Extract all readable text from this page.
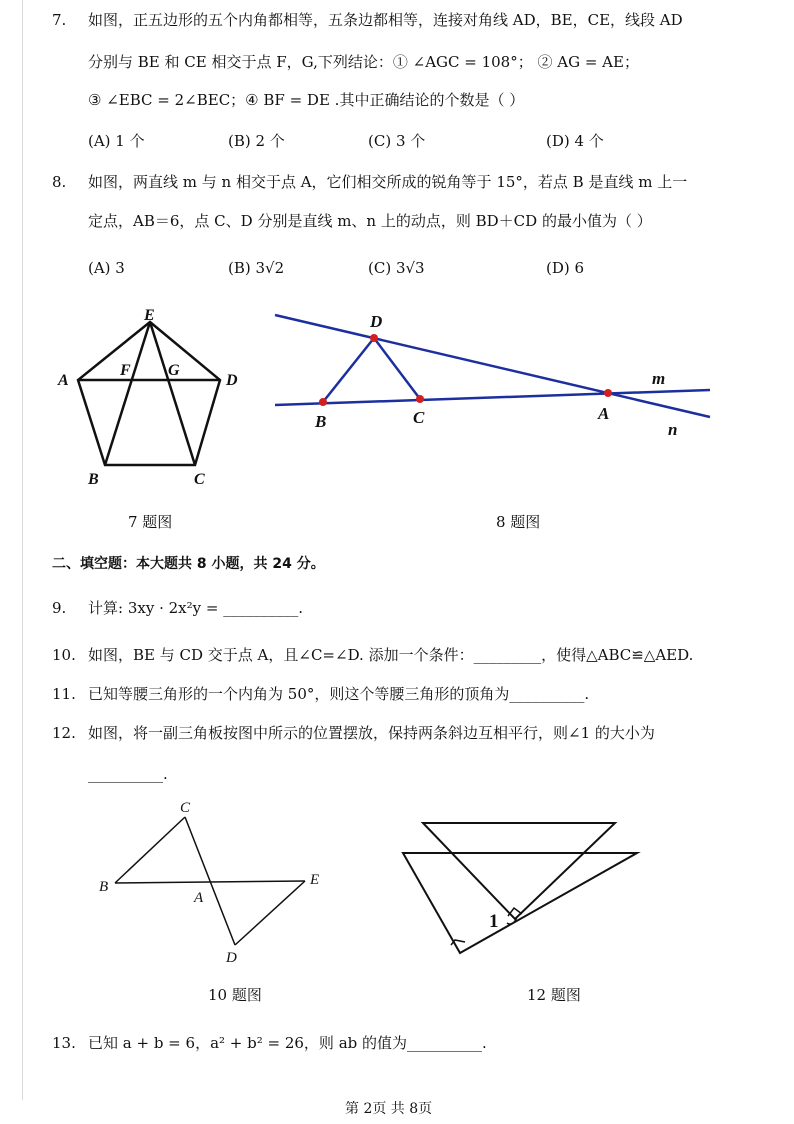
7. 如图，正五边形的五个内角都相等，五条边都相等，连接对角线 AD，BE，CE，线段 AD
分别与 BE 和 CE 相交于点 F，G,下列结论：① ∠AGC = 108°； ② AG = AE；
③ ∠EBC = 2∠BEC；④ BF = DE .其中正确结论的个数是（ ）
(A) 1 个	(B) 2 个	(C) 3 个	(D) 4 个
8. 如图，两直线 m 与 n 相交于点 A，它们相交所成的锐角等于 15°，若点 B 是直线 m 上一
定点，AB＝6，点 C、D 分别是直线 m、n 上的动点，则 BD＋CD 的最小值为（ ）
(A) 3	(B) 3√2	(C) 3√3	(D) 6
E
A
F G
D
B	C
7 题图
D
m
B	C	A
n
8 题图
二、填空题：本大题共 8 小题，共 24 分。
9. 计算: 3xy · 2x²y = __________.
10. 如图，BE 与 CD 交于点 A，且∠C=∠D. 添加一个条件：_________，使得△ABC≌△AED.
11. 已知等腰三角形的一个内角为 50°，则这个等腰三角形的顶角为__________.
12. 如图，将一副三角板按图中所示的位置摆放，保持两条斜边互相平行，则∠1 的大小为
__________.
C
B
A
E
D
10 题图
1
12 题图
13. 已知 a + b = 6，a² + b² = 26，则 ab 的值为__________.
第 2页 共 8页
